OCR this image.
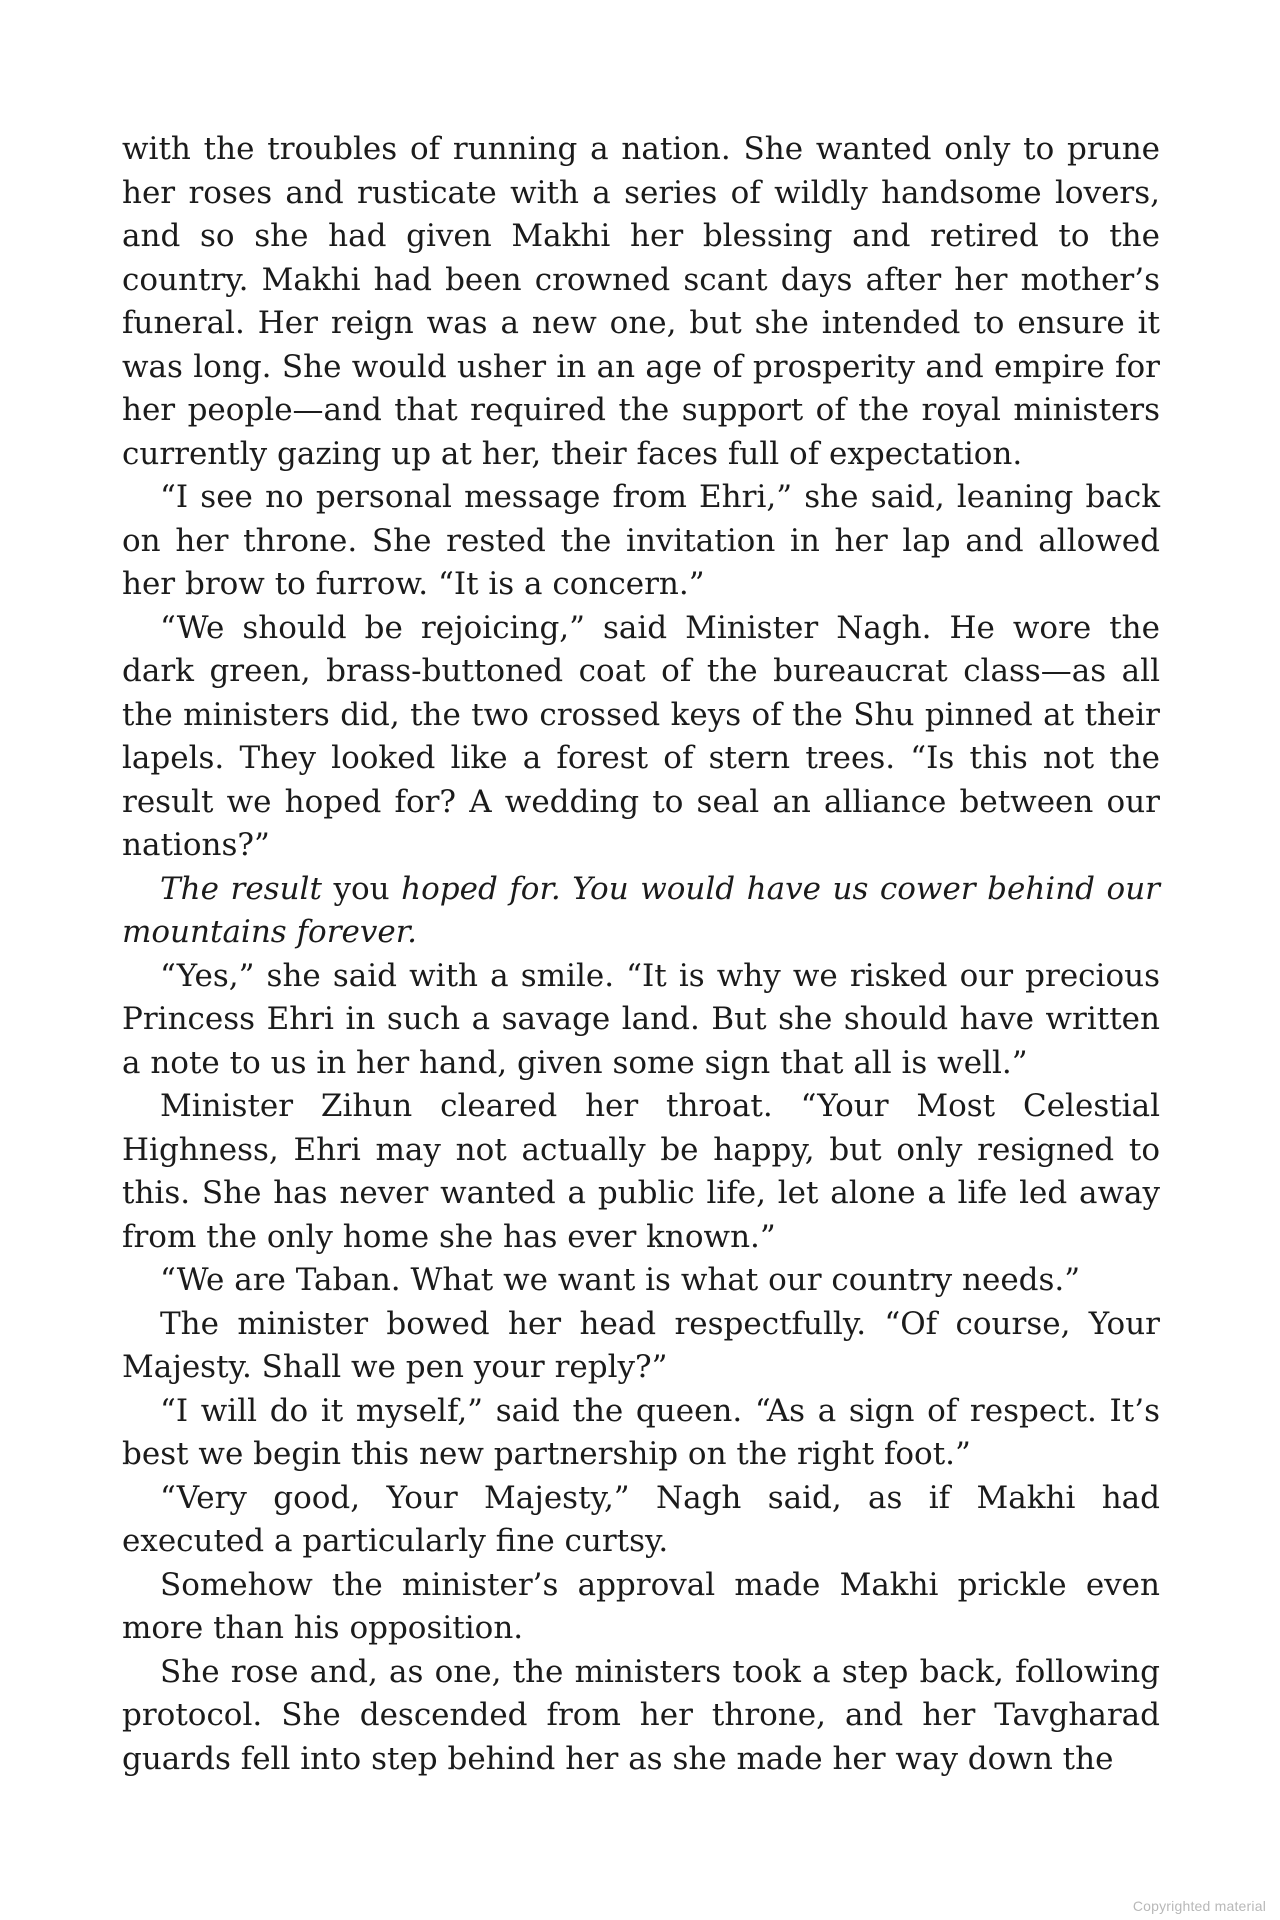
with the troubles of running a nation. She wanted only to prune her roses and rusticate with a series of wildly handsome lovers, and so she had given Makhi her blessing and retired to the country. Makhi had been crowned scant days after her mother’s funeral. Her reign was a new one, but she intended to ensure it was long. She would usher in an age of prosperity and empire for her people—and that required the support of the royal ministers currently gazing up at her, their faces full of expectation.

“I see no personal message from Ehri,” she said, leaning back on her throne. She rested the invitation in her lap and allowed her brow to furrow. “It is a concern.”

“We should be rejoicing,” said Minister Nagh. He wore the dark green, brass-buttoned coat of the bureaucrat class—as all the ministers did, the two crossed keys of the Shu pinned at their lapels. They looked like a forest of stern trees. “Is this not the result we hoped for? A wedding to seal an alliance between our nations?”

The result you hoped for. You would have us cower behind our mountains forever.

“Yes,” she said with a smile. “It is why we risked our precious Princess Ehri in such a savage land. But she should have written a note to us in her hand, given some sign that all is well.”

Minister Zihun cleared her throat. “Your Most Celestial Highness, Ehri may not actually be happy, but only resigned to this. She has never wanted a public life, let alone a life led away from the only home she has ever known.”

“We are Taban. What we want is what our country needs.”

The minister bowed her head respectfully. “Of course, Your Majesty. Shall we pen your reply?”

“I will do it myself,” said the queen. “As a sign of respect. It’s best we begin this new partnership on the right foot.”

“Very good, Your Majesty,” Nagh said, as if Makhi had executed a particularly fine curtsy.

Somehow the minister’s approval made Makhi prickle even more than his opposition.

She rose and, as one, the ministers took a step back, following protocol. She descended from her throne, and her Tavgharad guards fell into step behind her as she made her way down the

Copyrighted material
